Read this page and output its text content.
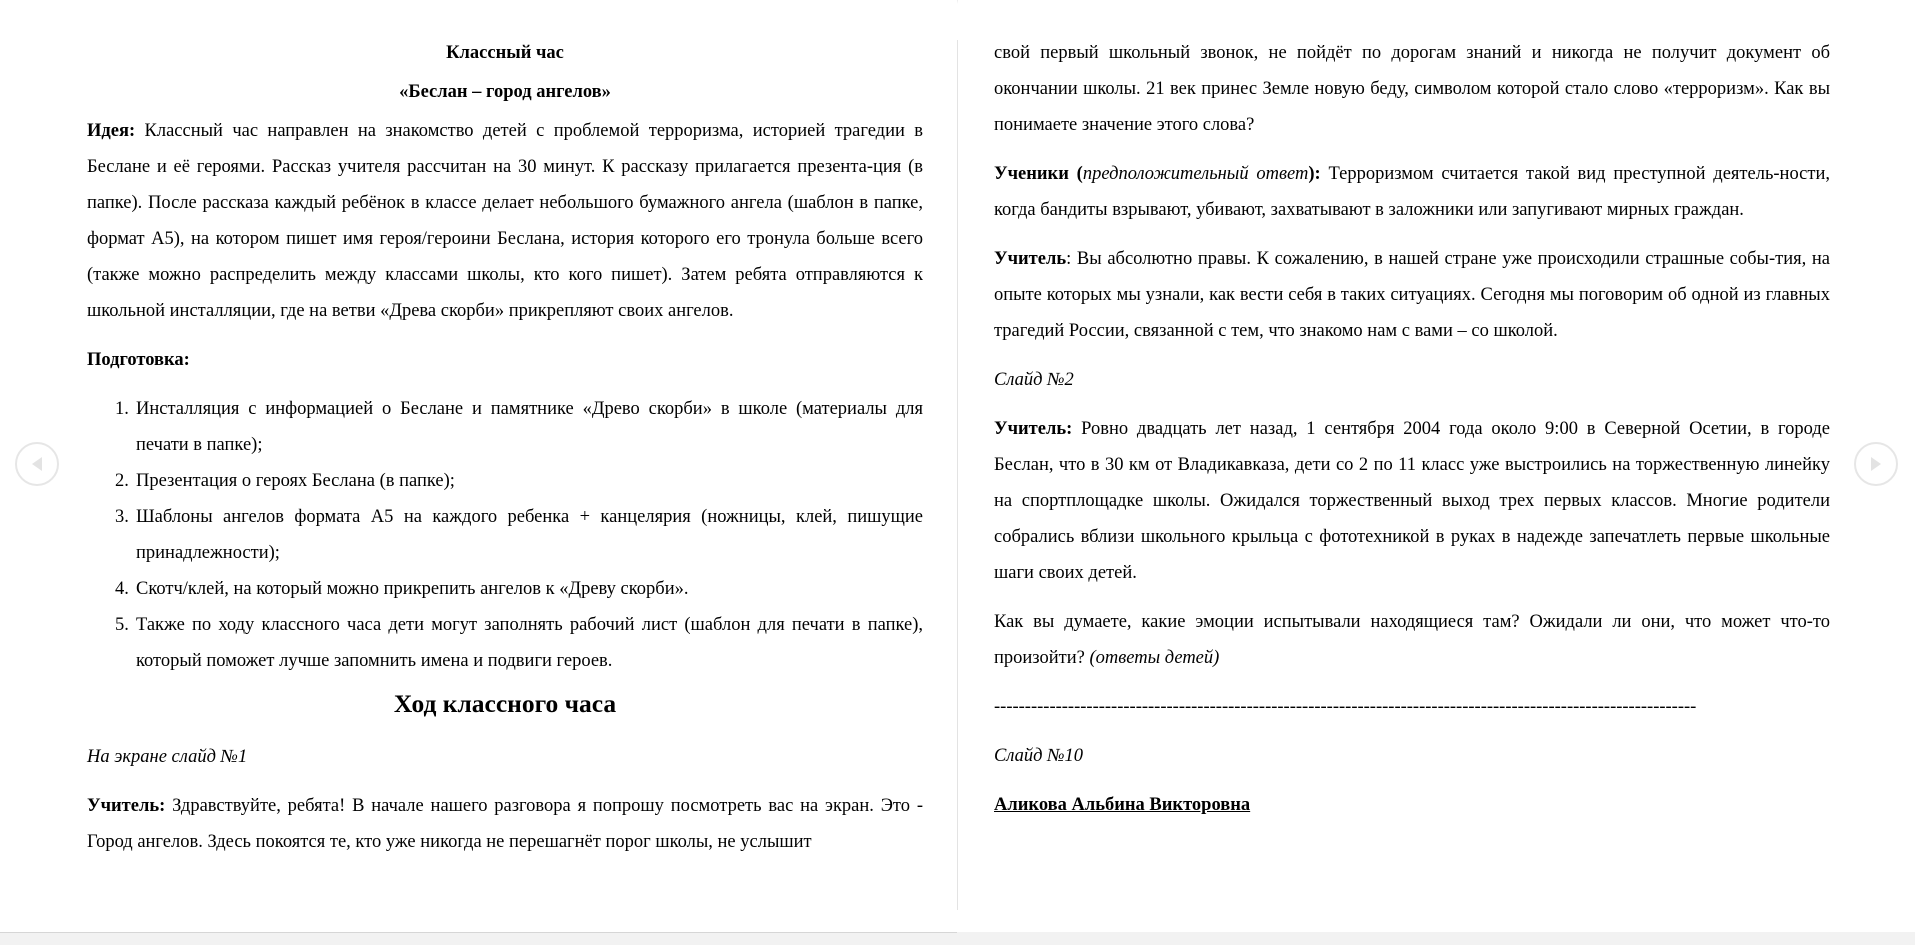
Классный час

«Беслан – город ангелов»

Идея: Классный час направлен на знакомство детей с проблемой терроризма, историей трагедии в Беслане и её героями. Рассказ учителя рассчитан на 30 минут. К рассказу прилагается презента-ция (в папке). После рассказа каждый ребёнок в классе делает небольшого бумажного ангела (шаблон в папке, формат А5), на котором пишет имя героя/героини Беслана, история которого его тронула больше всего (также можно распределить между классами школы, кто кого пишет). Затем ребята отправляются к школьной инсталляции, где на ветви «Древа скорби» прикрепляют своих ангелов.

Подготовка:

1. Инсталляция с информацией о Беслане и памятнике «Древо скорби» в школе (материалы для печати в папке);
2. Презентация о героях Беслана (в папке);
3. Шаблоны ангелов формата А5 на каждого ребенка + канцелярия (ножницы, клей, пишущие принадлежности);
4. Скотч/клей, на который можно прикрепить ангелов к «Древу скорби».
5. Также по ходу классного часа дети могут заполнять рабочий лист (шаблон для печати в папке), который поможет лучше запомнить имена и подвиги героев.

Ход классного часа

На экране слайд №1

Учитель: Здравствуйте, ребята! В начале нашего разговора я попрошу посмотреть вас на экран. Это - Город ангелов. Здесь покоятся те, кто уже никогда не перешагнёт порог школы, не услышит

свой первый школьный звонок, не пойдёт по дорогам знаний и никогда не получит документ об окончании школы. 21 век принес Земле новую беду, символом которой стало слово «терроризм». Как вы понимаете значение этого слова?

Ученики (предположительный ответ): Терроризмом считается такой вид преступной деятель-ности, когда бандиты взрывают, убивают, захватывают в заложники или запугивают мирных граждан.

Учитель: Вы абсолютно правы. К сожалению, в нашей стране уже происходили страшные собы-тия, на опыте которых мы узнали, как вести себя в таких ситуациях. Сегодня мы поговорим об одной из главных трагедий России, связанной с тем, что знакомо нам с вами – со школой.

Слайд №2

Учитель: Ровно двадцать лет назад, 1 сентября 2004 года около 9:00 в Северной Осетии, в городе Беслан, что в 30 км от Владикавказа, дети со 2 по 11 класс уже выстроились на торжественную линейку на спортплощадке школы. Ожидался торжественный выход трех первых классов. Многие родители собрались вблизи школьного крыльца с фототехникой в руках в надежде запечатлеть первые школьные шаги своих детей.

Как вы думаете, какие эмоции испытывали находящиеся там? Ожидали ли они, что может что-то произойти? (ответы детей)

------------------------------------------------------------------------------------------------------------------

Слайд №10

Аликова Альбина Викторовна
